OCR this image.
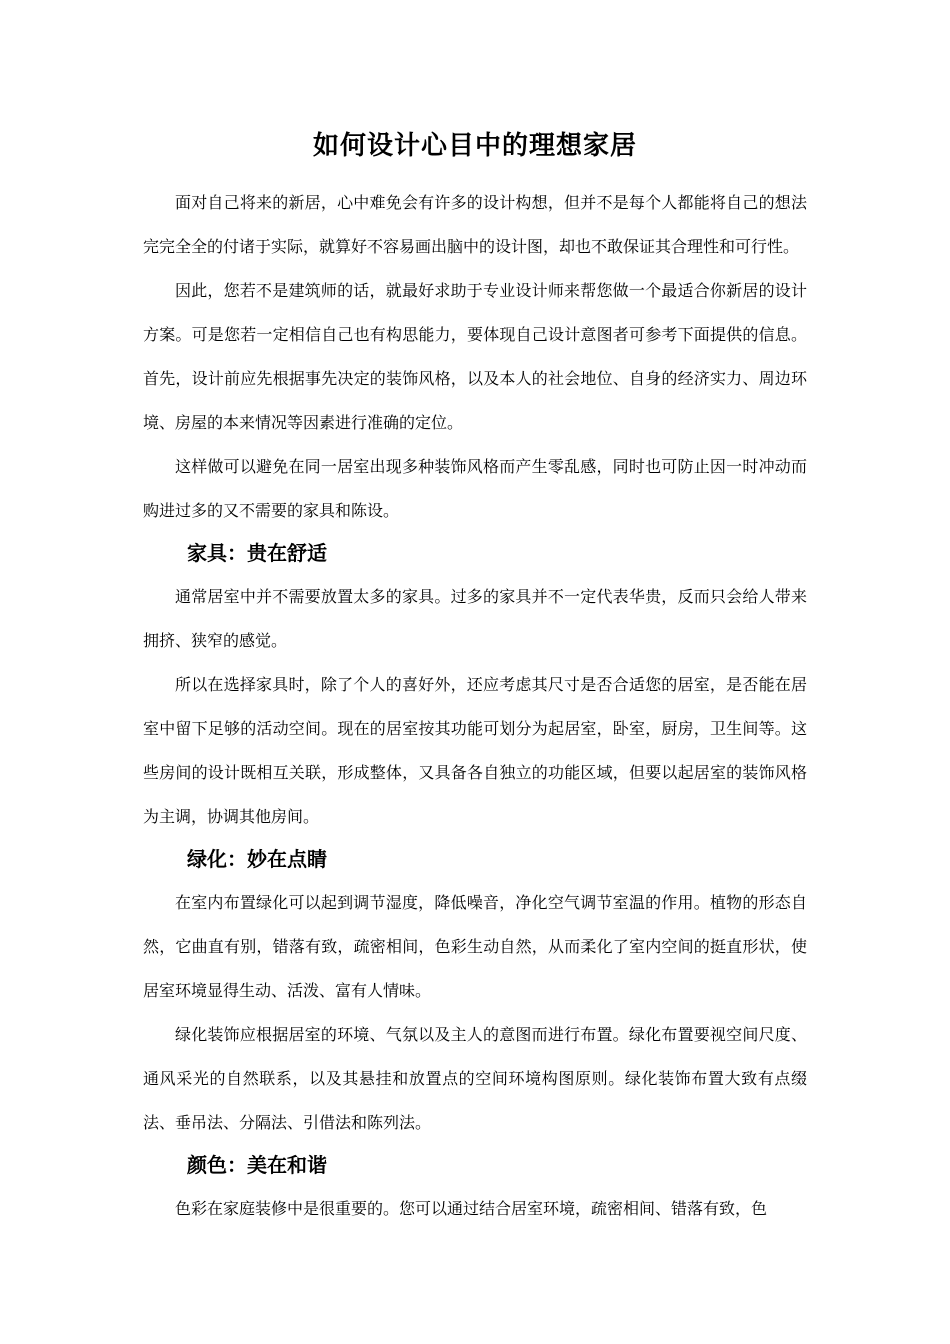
如何设计心目中的理想家居

面对自己将来的新居，心中难免会有许多的设计构想，但并不是每个人都能将自己的想法完完全全的付诸于实际，就算好不容易画出脑中的设计图，却也不敢保证其合理性和可行性。

因此，您若不是建筑师的话，就最好求助于专业设计师来帮您做一个最适合你新居的设计方案。可是您若一定相信自己也有构思能力，要体现自己设计意图者可参考下面提供的信息。首先，设计前应先根据事先决定的装饰风格，以及本人的社会地位、自身的经济实力、周边环境、房屋的本来情况等因素进行准确的定位。

这样做可以避免在同一居室出现多种装饰风格而产生零乱感，同时也可防止因一时冲动而购进过多的又不需要的家具和陈设。

家具：贵在舒适

通常居室中并不需要放置太多的家具。过多的家具并不一定代表华贵，反而只会给人带来拥挤、狭窄的感觉。

所以在选择家具时，除了个人的喜好外，还应考虑其尺寸是否合适您的居室，是否能在居室中留下足够的活动空间。现在的居室按其功能可划分为起居室，卧室，厨房，卫生间等。这些房间的设计既相互关联，形成整体，又具备各自独立的功能区域，但要以起居室的装饰风格为主调，协调其他房间。

绿化：妙在点睛

在室内布置绿化可以起到调节湿度，降低噪音，净化空气调节室温的作用。植物的形态自然，它曲直有别，错落有致，疏密相间，色彩生动自然，从而柔化了室内空间的挺直形状，使居室环境显得生动、活泼、富有人情味。

绿化装饰应根据居室的环境、气氛以及主人的意图而进行布置。绿化布置要视空间尺度、通风采光的自然联系，以及其悬挂和放置点的空间环境构图原则。绿化装饰布置大致有点缀法、垂吊法、分隔法、引借法和陈列法。

颜色：美在和谐

色彩在家庭装修中是很重要的。您可以通过结合居室环境，疏密相间、错落有致，色
